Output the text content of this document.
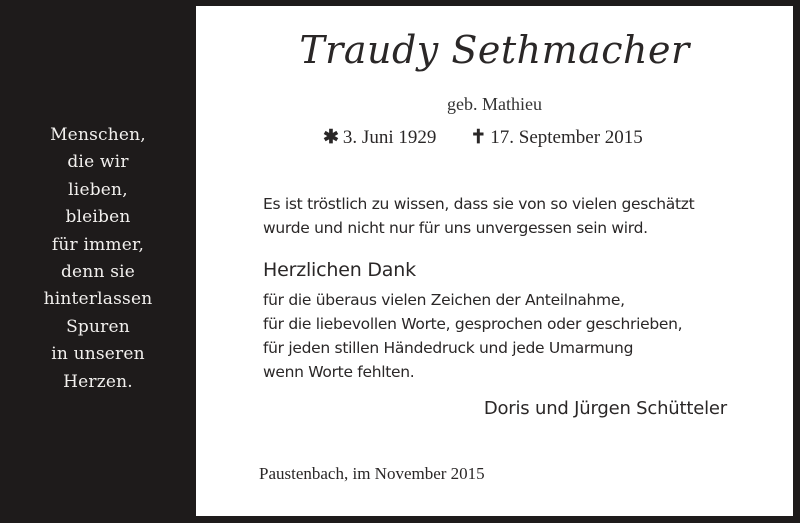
Menschen,
die wir
lieben,
bleiben
für immer,
denn sie
hinterlassen
Spuren
in unseren
Herzen.
Traudy Sethmacher
geb. Mathieu
✱ 3. Juni 1929 ✝ 17. September 2015
Es ist tröstlich zu wissen, dass sie von so vielen geschätzt
wurde und nicht nur für uns unvergessen sein wird.
Herzlichen Dank
für die überaus vielen Zeichen der Anteilnahme,
für die liebevollen Worte, gesprochen oder geschrieben,
für jeden stillen Händedruck und jede Umarmung
wenn Worte fehlten.
Doris und Jürgen Schütteler
Paustenbach, im November 2015
